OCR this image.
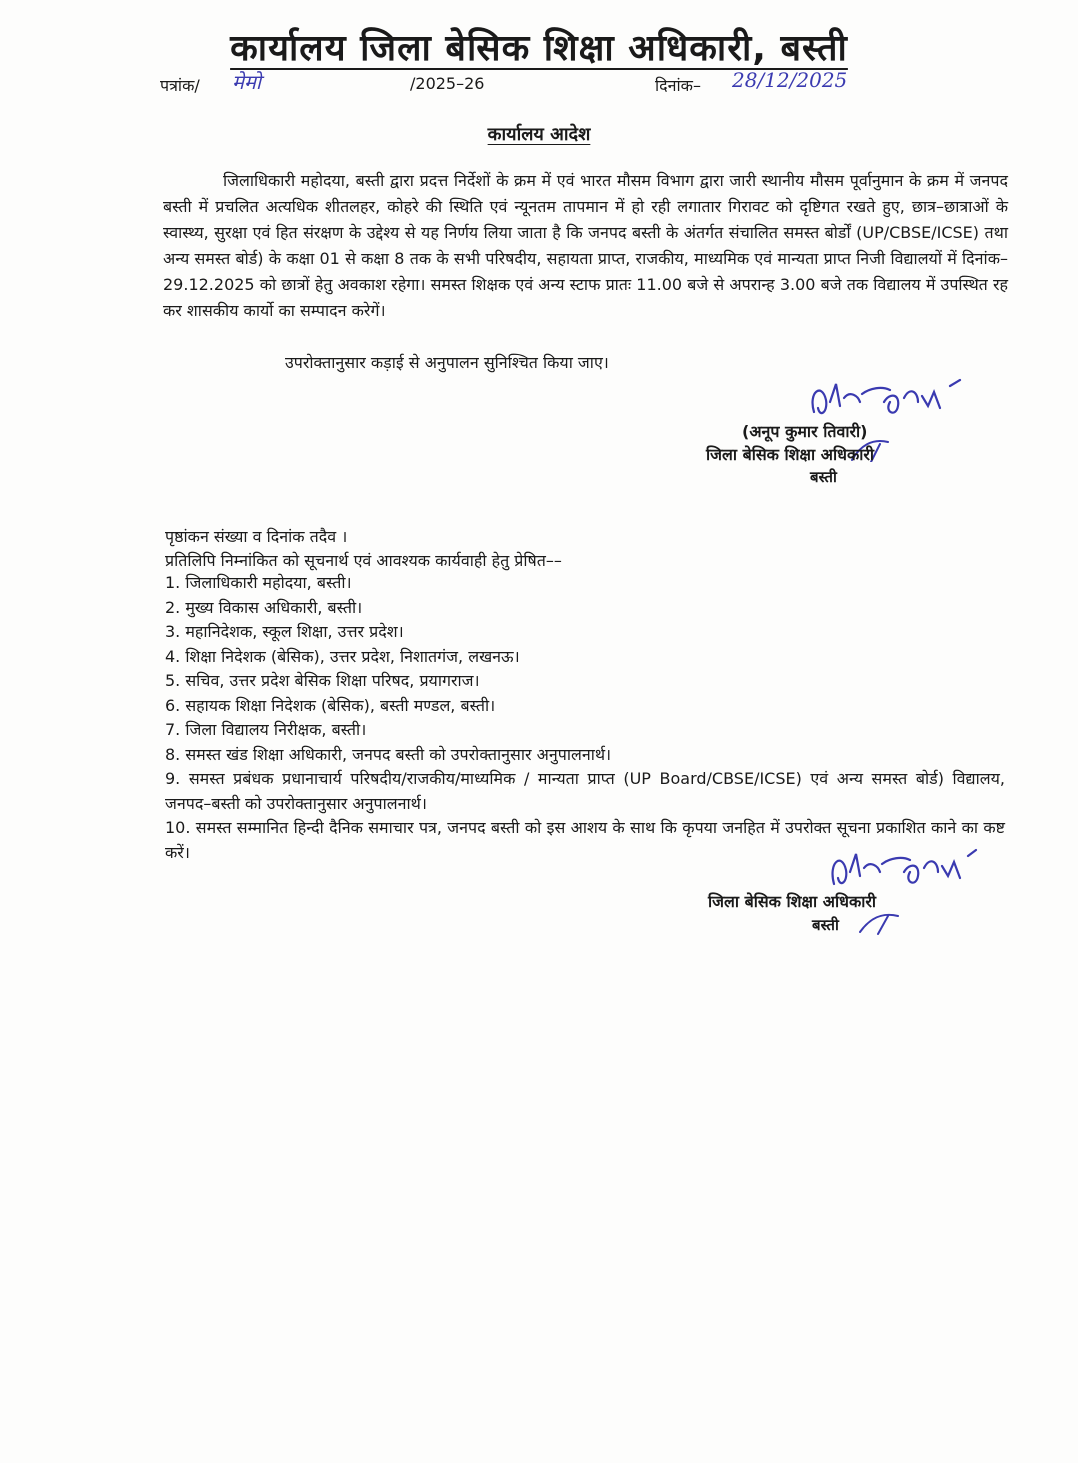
कार्यालय जिला बेसिक शिक्षा अधिकारी, बस्ती
पत्रांक/ मेमो	/2025–26	दिनांक– 28/12/2025
कार्यालय आदेश
जिलाधिकारी महोदया, बस्ती द्वारा प्रदत्त निर्देशों के क्रम में एवं भारत मौसम विभाग द्वारा जारी स्थानीय मौसम पूर्वानुमान के क्रम में जनपद बस्ती में प्रचलित अत्यधिक शीतलहर, कोहरे की स्थिति एवं न्यूनतम तापमान में हो रही लगातार गिरावट को दृष्टिगत रखते हुए, छात्र–छात्राओं के स्वास्थ्य, सुरक्षा एवं हित संरक्षण के उद्देश्य से यह निर्णय लिया जाता है कि जनपद बस्ती के अंतर्गत संचालित समस्त बोर्डों (UP/CBSE/ICSE) तथा अन्य समस्त बोर्ड) के कक्षा 01 से कक्षा 8 तक के सभी परिषदीय, सहायता प्राप्त, राजकीय, माध्यमिक एवं मान्यता प्राप्त निजी विद्यालयों में दिनांक–29.12.2025 को छात्रों हेतु अवकाश रहेगा। समस्त शिक्षक एवं अन्य स्टाफ प्रातः 11.00 बजे से अपरान्ह 3.00 बजे तक विद्यालय में उपस्थित रह कर शासकीय कार्यो का सम्पादन करेगें।
उपरोक्तानुसार कड़ाई से अनुपालन सुनिश्चित किया जाए।
(अनूप कुमार तिवारी)
जिला बेसिक शिक्षा अधिकारी
बस्ती
पृष्ठांकन संख्या व दिनांक तदैव ।
प्रतिलिपि निम्नांकित को सूचनार्थ एवं आवश्यक कार्यवाही हेतु प्रेषित––
1. जिलाधिकारी महोदया, बस्ती।
2. मुख्य विकास अधिकारी, बस्ती।
3. महानिदेशक, स्कूल शिक्षा, उत्तर प्रदेश।
4. शिक्षा निदेशक (बेसिक), उत्तर प्रदेश, निशातगंज, लखनऊ।
5. सचिव, उत्तर प्रदेश बेसिक शिक्षा परिषद, प्रयागराज।
6. सहायक शिक्षा निदेशक (बेसिक), बस्ती मण्डल, बस्ती।
7. जिला विद्यालय निरीक्षक, बस्ती।
8. समस्त खंड शिक्षा अधिकारी, जनपद बस्ती को उपरोक्तानुसार अनुपालनार्थ।
9. समस्त प्रबंधक प्रधानाचार्य परिषदीय/राजकीय/माध्यमिक / मान्यता प्राप्त (UP Board/CBSE/ICSE) एवं अन्य समस्त बोर्ड) विद्यालय, जनपद–बस्ती को उपरोक्तानुसार अनुपालनार्थ।
10. समस्त सम्मानित हिन्दी दैनिक समाचार पत्र, जनपद बस्ती को इस आशय के साथ कि कृपया जनहित में उपरोक्त सूचना प्रकाशित काने का कष्ट करें।
जिला बेसिक शिक्षा अधिकारी
बस्ती
